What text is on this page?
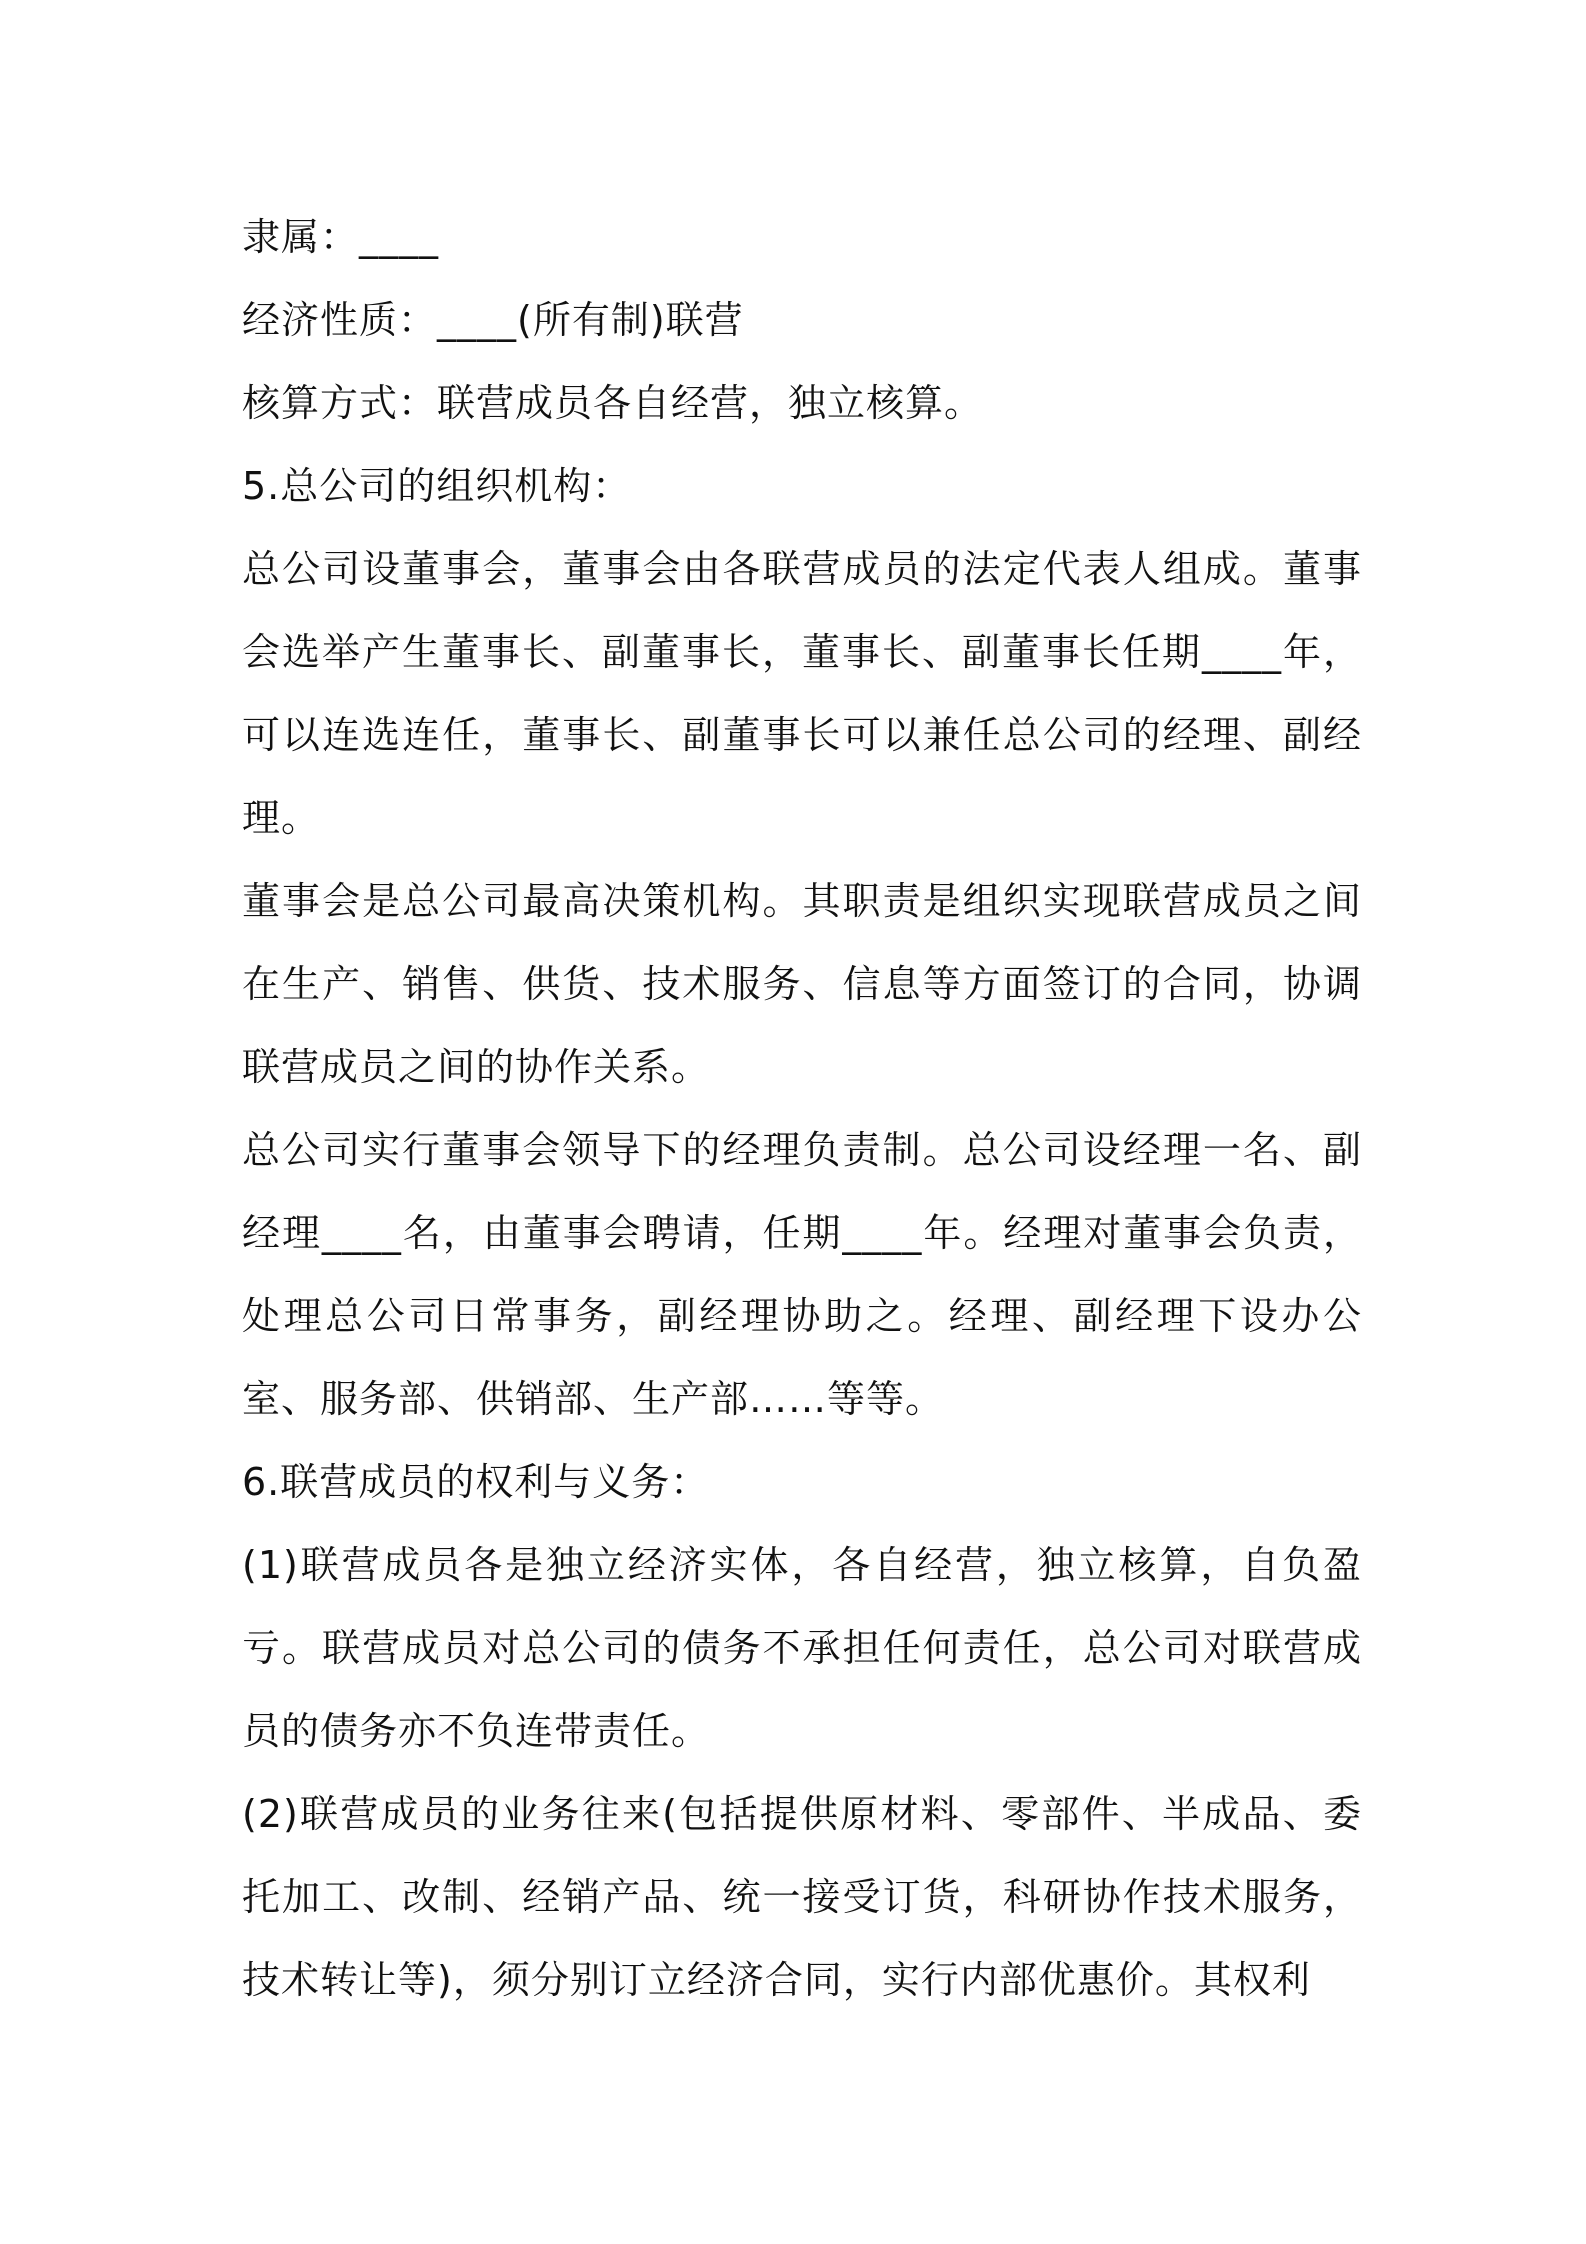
隶属：____

经济性质：____(所有制)联营

核算方式：联营成员各自经营，独立核算。

5.总公司的组织机构：

总公司设董事会，董事会由各联营成员的法定代表人组成。董事会选举产生董事长、副董事长，董事长、副董事长任期____年，可以连选连任，董事长、副董事长可以兼任总公司的经理、副经理。

董事会是总公司最高决策机构。其职责是组织实现联营成员之间在生产、销售、供货、技术服务、信息等方面签订的合同，协调联营成员之间的协作关系。

总公司实行董事会领导下的经理负责制。总公司设经理一名、副经理____名，由董事会聘请，任期____年。经理对董事会负责，处理总公司日常事务，副经理协助之。经理、副经理下设办公室、服务部、供销部、生产部……等等。

6.联营成员的权利与义务：

(1)联营成员各是独立经济实体，各自经营，独立核算，自负盈亏。联营成员对总公司的债务不承担任何责任，总公司对联营成员的债务亦不负连带责任。

(2)联营成员的业务往来(包括提供原材料、零部件、半成品、委托加工、改制、经销产品、统一接受订货，科研协作技术服务，技术转让等)，须分别订立经济合同，实行内部优惠价。其权利
